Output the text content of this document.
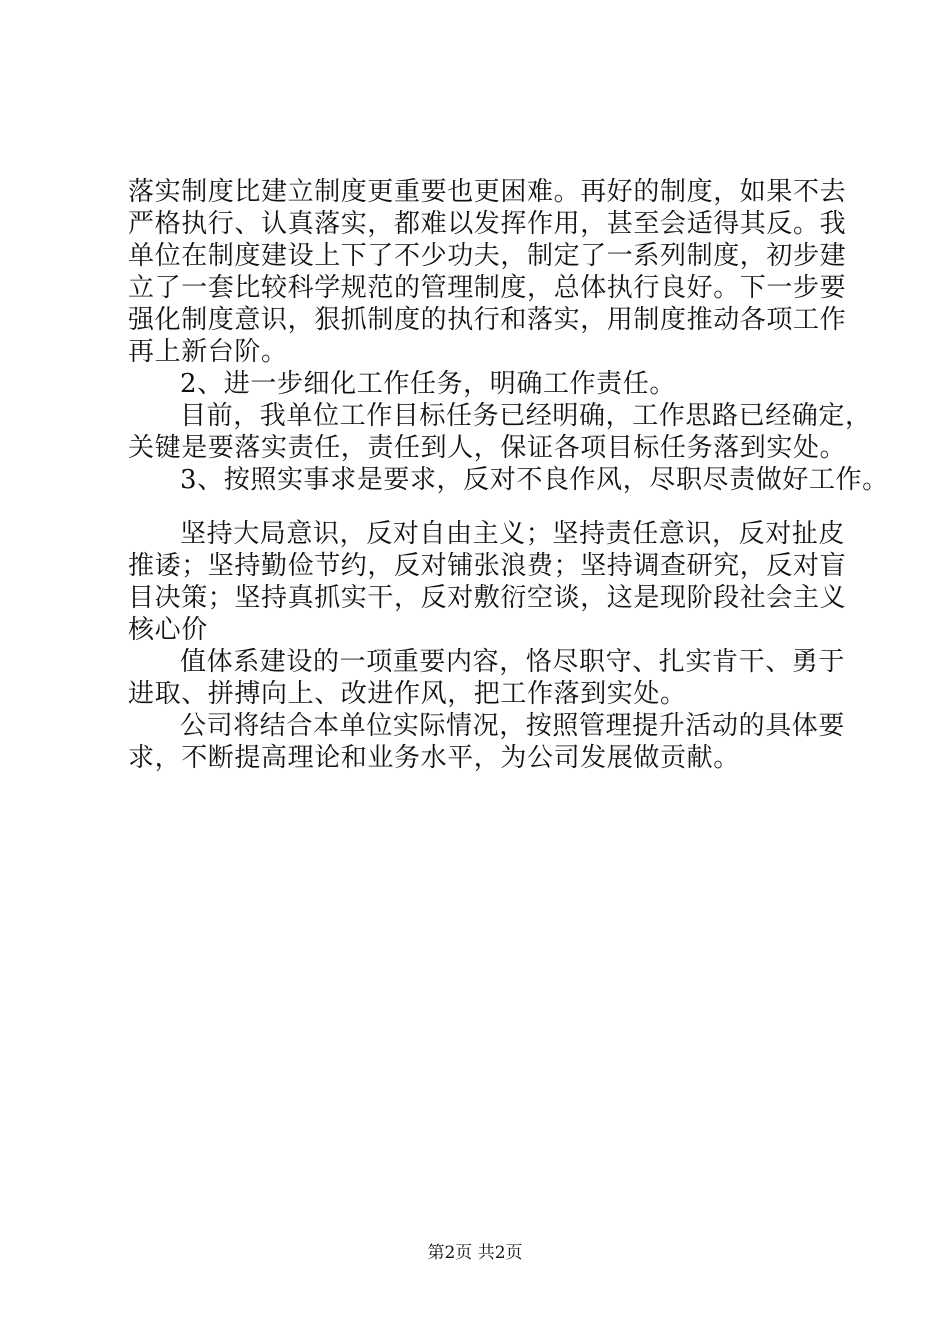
落实制度比建立制度更重要也更困难。再好的制度，如果不去
严格执行、认真落实，都难以发挥作用，甚至会适得其反。我
单位在制度建设上下了不少功夫，制定了一系列制度，初步建
立了一套比较科学规范的管理制度，总体执行良好。下一步要
强化制度意识，狠抓制度的执行和落实，用制度推动各项工作
再上新台阶。
2、进一步细化工作任务，明确工作责任。
目前，我单位工作目标任务已经明确，工作思路已经确定，
关键是要落实责任，责任到人，保证各项目标任务落到实处。
3、按照实事求是要求，反对不良作风，尽职尽责做好工作。
坚持大局意识，反对自由主义；坚持责任意识，反对扯皮
推诿；坚持勤俭节约，反对铺张浪费；坚持调查研究，反对盲
目决策；坚持真抓实干，反对敷衍空谈，这是现阶段社会主义
核心价
值体系建设的一项重要内容，恪尽职守、扎实肯干、勇于
进取、拼搏向上、改进作风，把工作落到实处。
公司将结合本单位实际情况，按照管理提升活动的具体要
求，不断提高理论和业务水平，为公司发展做贡献。
第2页 共2页
